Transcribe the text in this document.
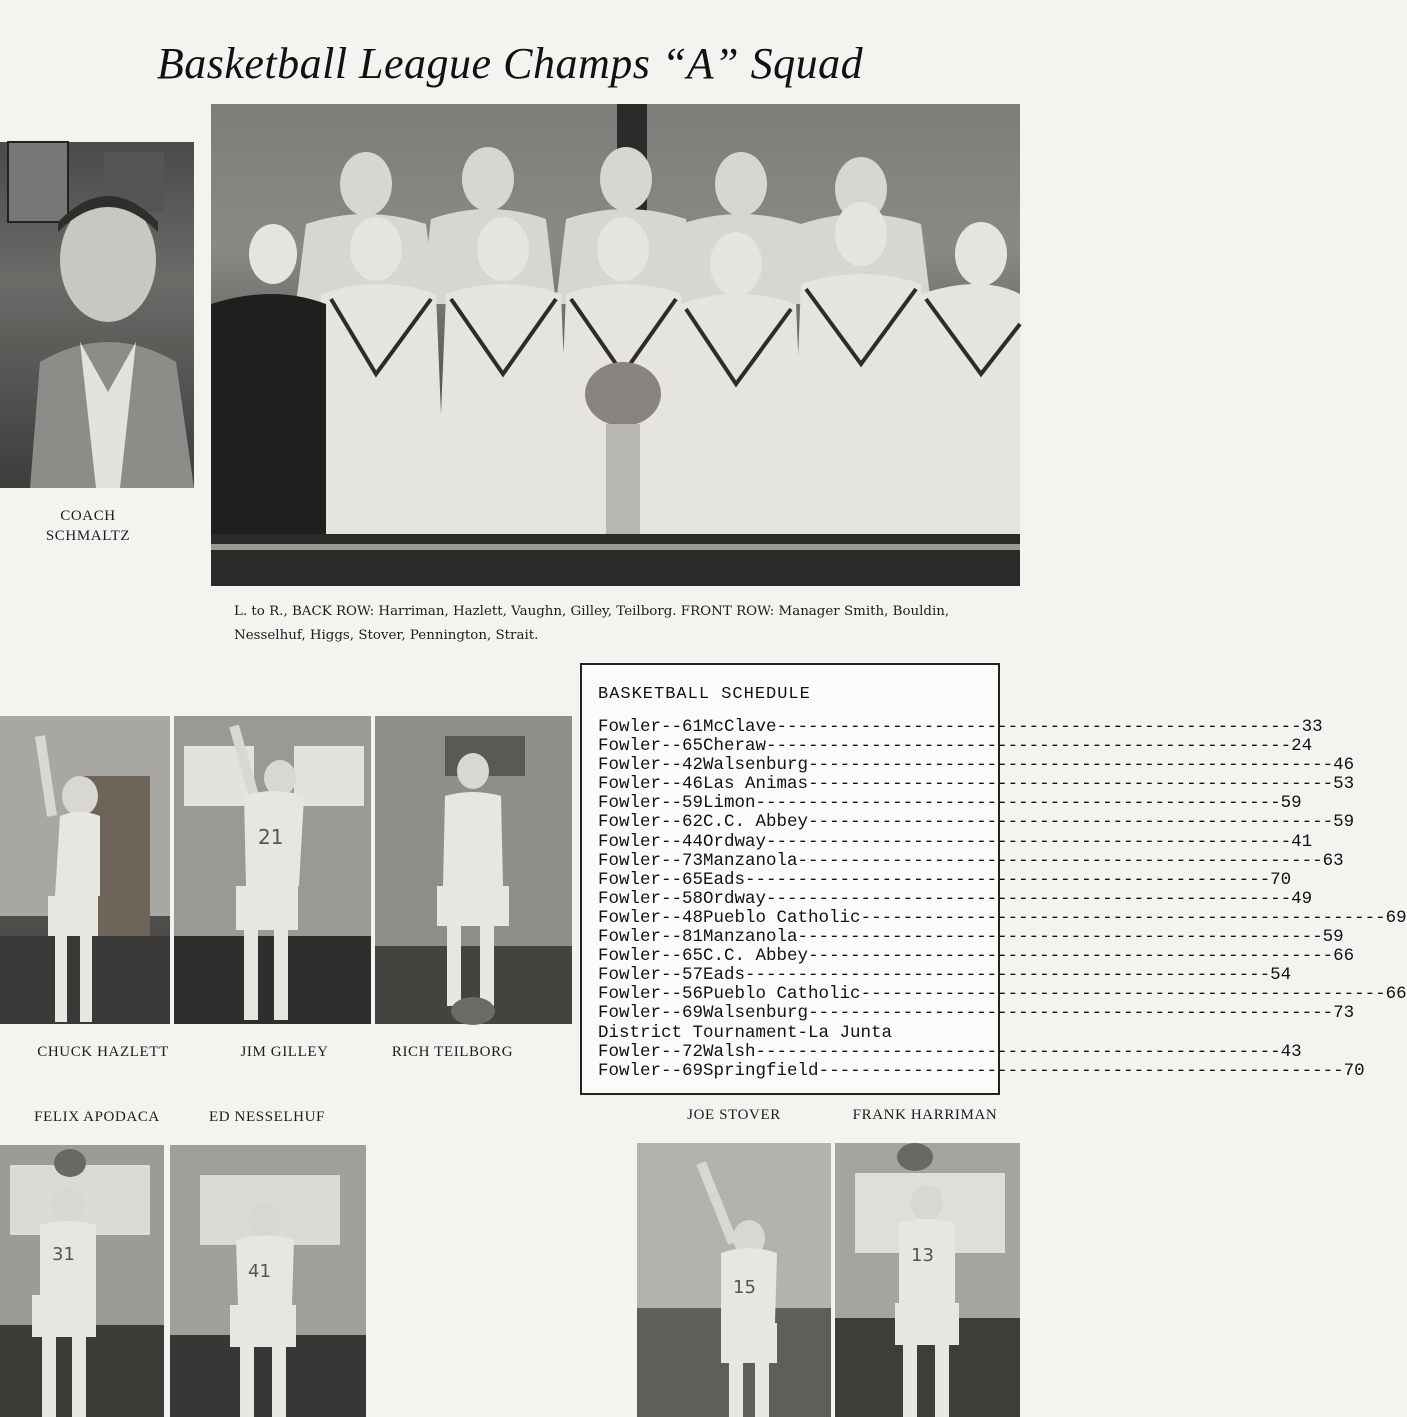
Basketball League Champs “A” Squad
COACH
SCHMALTZ
L. to R., BACK ROW: Harriman, Hazlett, Vaughn, Gilley, Teilborg. FRONT ROW: Manager Smith, Bouldin, Nesselhuf, Higgs, Stover, Pennington, Strait.
21
CHUCK HAZLETT	JIM GILLEY	RICH TEILBORG
BASKETBALL SCHEDULE
Fowler--61 McClave -----	33
Fowler--65 Cheraw -----	24
Fowler--42 Walsenburg -----	46
Fowler--46 Las Animas -----	53
Fowler--59 Limon -----	59
Fowler--62 C.C. Abbey -----	59
Fowler--44 Ordway -----	41
Fowler--73 Manzanola -----	63
Fowler--65 Eads -----	70
Fowler--58 Ordway -----	49
Fowler--48 Pueblo Catholic -----	69
Fowler--81 Manzanola -----	59
Fowler--65 C.C. Abbey -----	66
Fowler--57 Eads -----	54
Fowler--56 Pueblo Catholic -----	66
Fowler--69 Walsenburg -----	73
District Tournament-La Junta
Fowler--72 Walsh -----	43
Fowler--69 Springfield -----	70
FELIX APODACA	ED NESSELHUF	JOE STOVER	FRANK HARRIMAN
31
41
15
13
